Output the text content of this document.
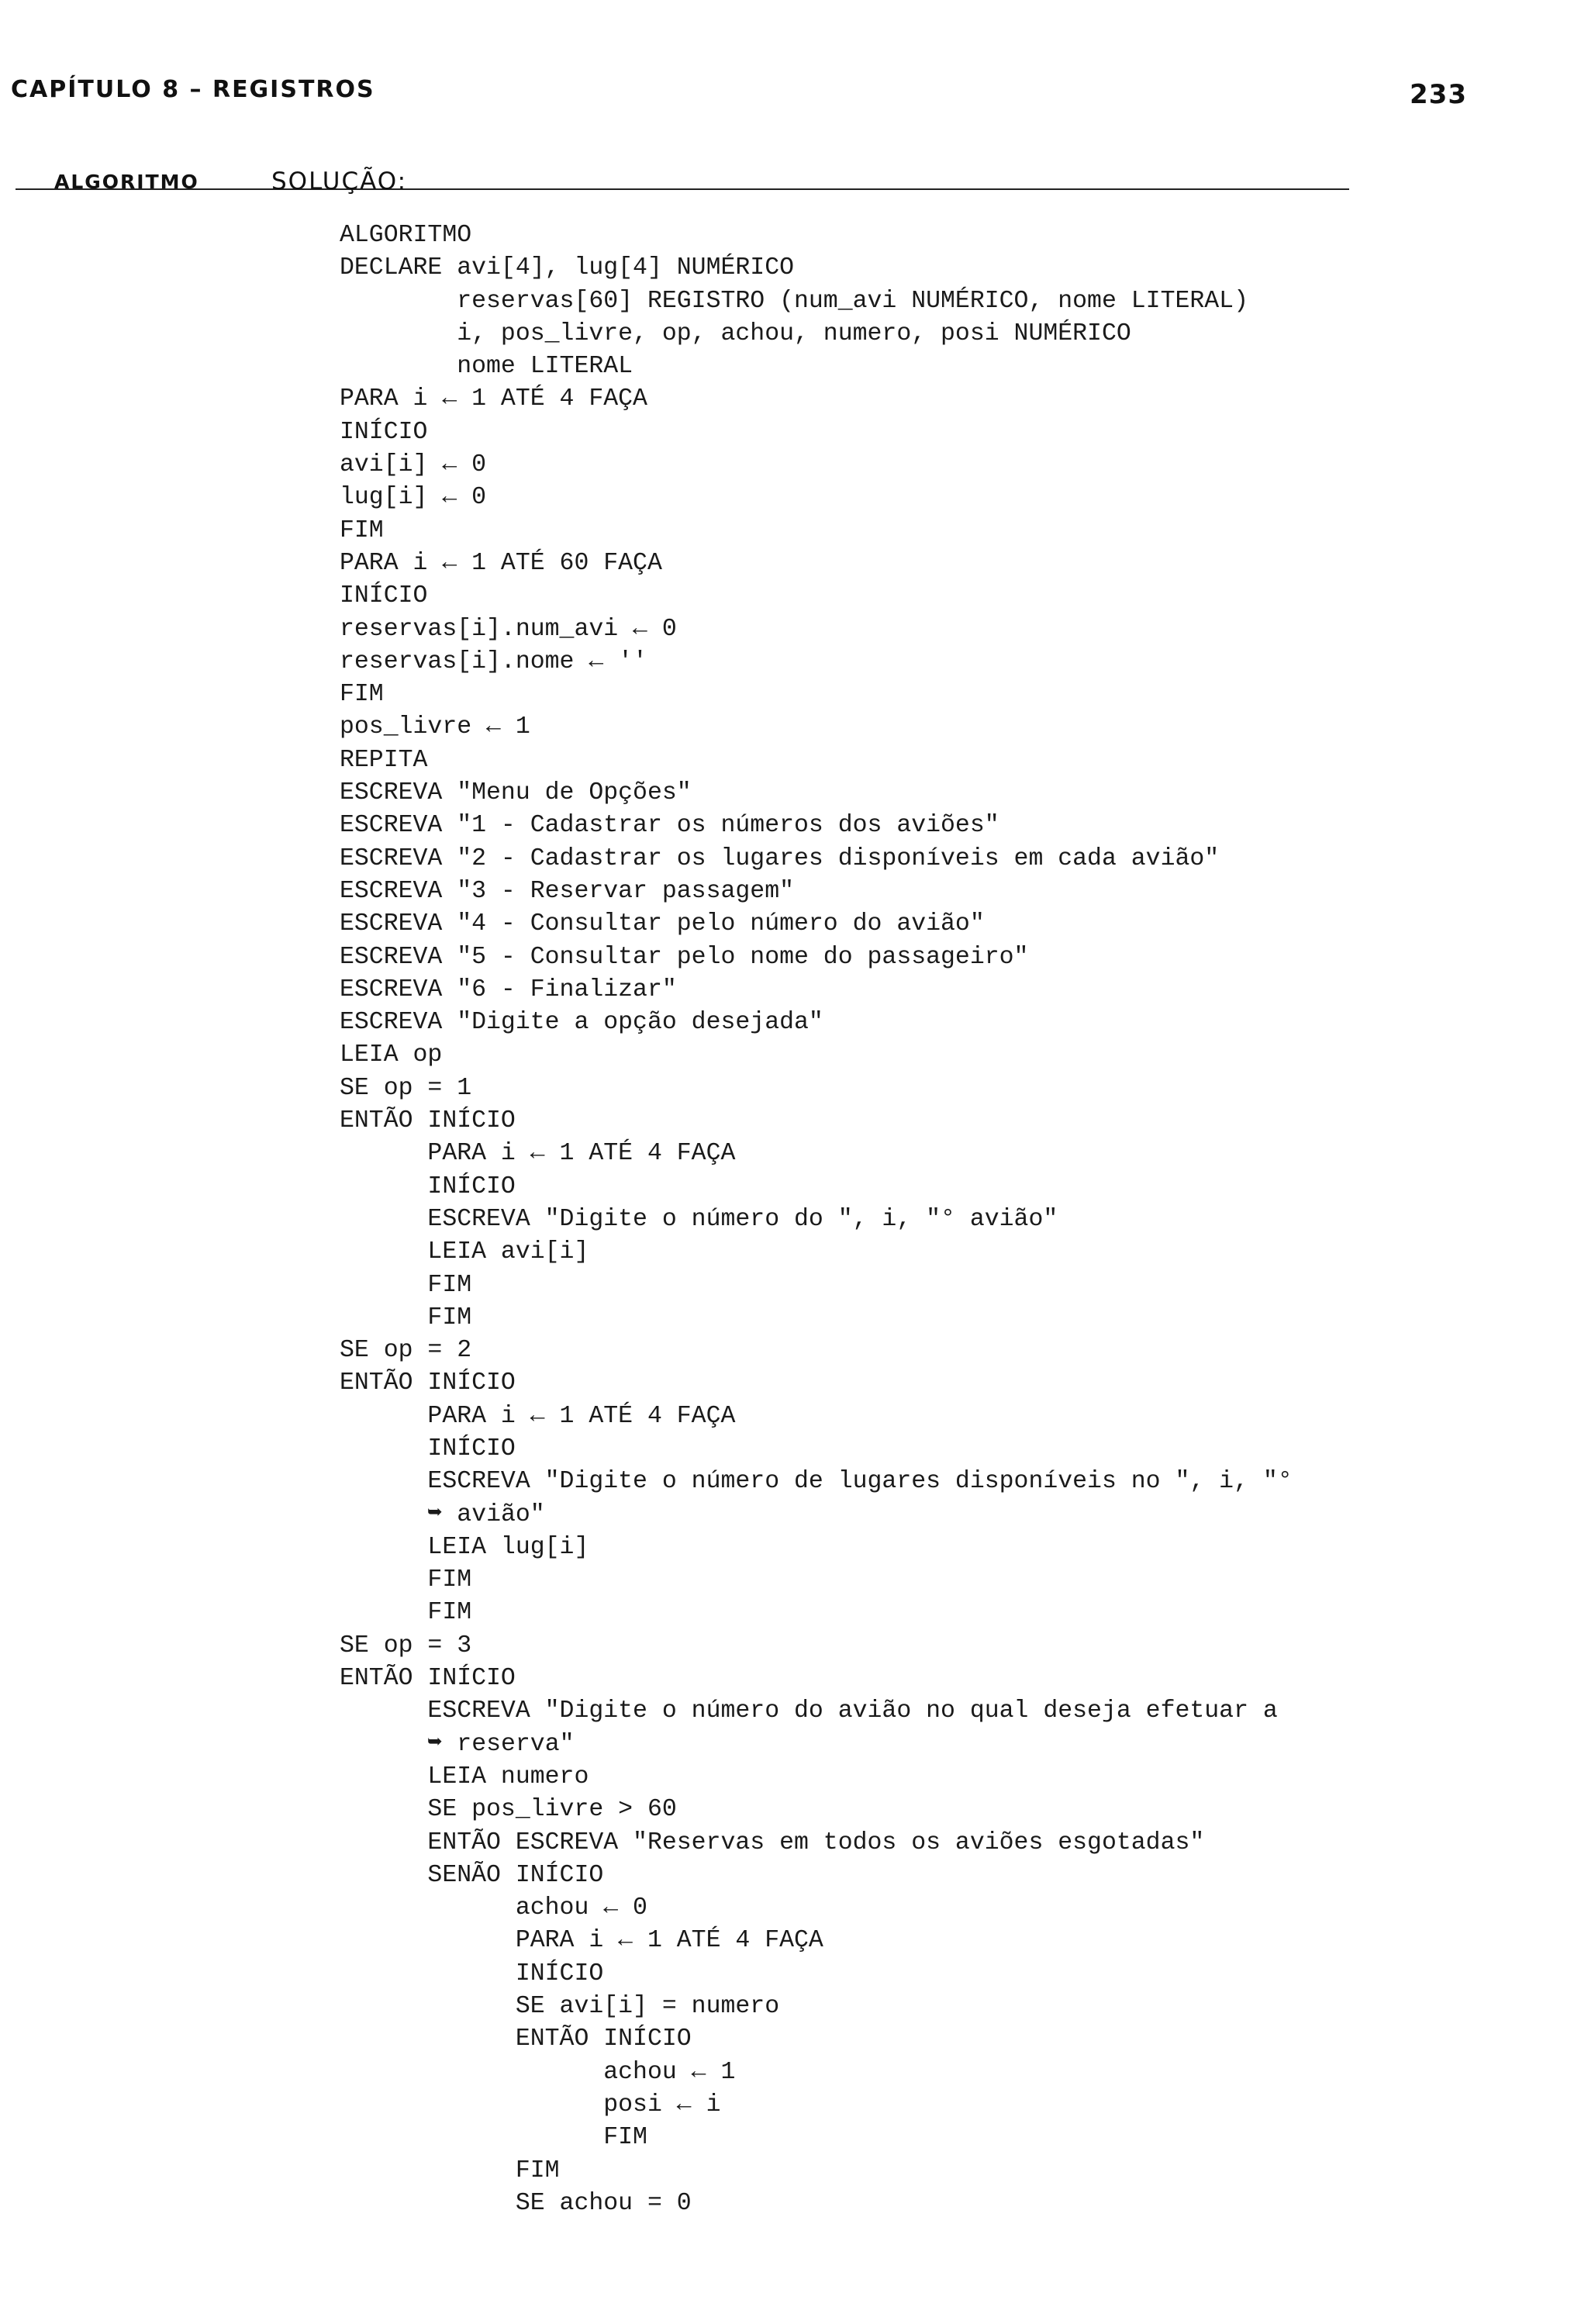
CAPÍTULO 8 – REGISTROS	233
ALGORITMO	SOLUÇÃO:
ALGORITMO
DECLARE avi[4], lug[4] NUMÉRICO
reservas[60] REGISTRO (num_avi NUMÉRICO, nome LITERAL)
i, pos_livre, op, achou, numero, posi NUMÉRICO
nome LITERAL
PARA i ← 1 ATÉ 4 FAÇA
INÍCIO
avi[i] ← 0
lug[i] ← 0
FIM
PARA i ← 1 ATÉ 60 FAÇA
INÍCIO
reservas[i].num_avi ← 0
reservas[i].nome ← ''
FIM
pos_livre ← 1
REPITA
ESCREVA "Menu de Opções"
ESCREVA "1 - Cadastrar os números dos aviões"
ESCREVA "2 - Cadastrar os lugares disponíveis em cada avião"
ESCREVA "3 - Reservar passagem"
ESCREVA "4 - Consultar pelo número do avião"
ESCREVA "5 - Consultar pelo nome do passageiro"
ESCREVA "6 - Finalizar"
ESCREVA "Digite a opção desejada"
LEIA op
SE op = 1
ENTÃO INÍCIO
PARA i ← 1 ATÉ 4 FAÇA
INÍCIO
ESCREVA "Digite o número do ", i, "° avião"
LEIA avi[i]
FIM
FIM
SE op = 2
ENTÃO INÍCIO
PARA i ← 1 ATÉ 4 FAÇA
INÍCIO
ESCREVA "Digite o número de lugares disponíveis no ", i, "°
➥ avião"
LEIA lug[i]
FIM
FIM
SE op = 3
ENTÃO INÍCIO
ESCREVA "Digite o número do avião no qual deseja efetuar a
➥ reserva"
LEIA numero
SE pos_livre > 60
ENTÃO ESCREVA "Reservas em todos os aviões esgotadas"
SENÃO INÍCIO
achou ← 0
PARA i ← 1 ATÉ 4 FAÇA
INÍCIO
SE avi[i] = numero
ENTÃO INÍCIO
achou ← 1
posi ← i
FIM
FIM
SE achou = 0
